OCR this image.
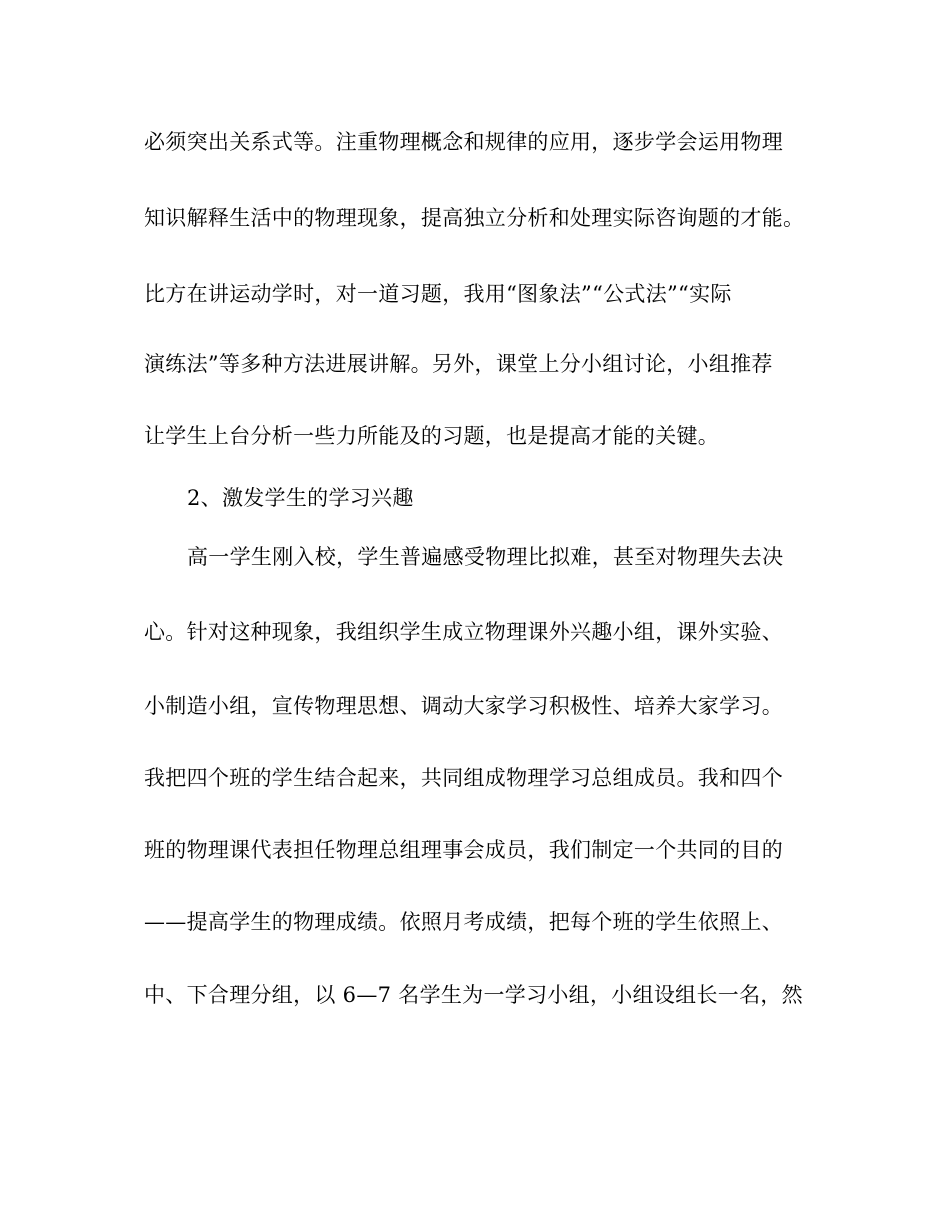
必须突出关系式等。注重物理概念和规律的应用，逐步学会运用物理

知识解释生活中的物理现象，提高独立分析和处理实际咨询题的才能。

比方在讲运动学时，对一道习题，我用“图象法”“公式法”“实际

演练法”等多种方法进展讲解。另外，课堂上分小组讨论，小组推荐

让学生上台分析一些力所能及的习题，也是提高才能的关键。

2、激发学生的学习兴趣

高一学生刚入校，学生普遍感受物理比拟难，甚至对物理失去决

心。针对这种现象，我组织学生成立物理课外兴趣小组，课外实验、

小制造小组，宣传物理思想、调动大家学习积极性、培养大家学习。

我把四个班的学生结合起来，共同组成物理学习总组成员。我和四个

班的物理课代表担任物理总组理事会成员，我们制定一个共同的目的

——提高学生的物理成绩。依照月考成绩，把每个班的学生依照上、

中、下合理分组，以 6—7 名学生为一学习小组，小组设组长一名，然
